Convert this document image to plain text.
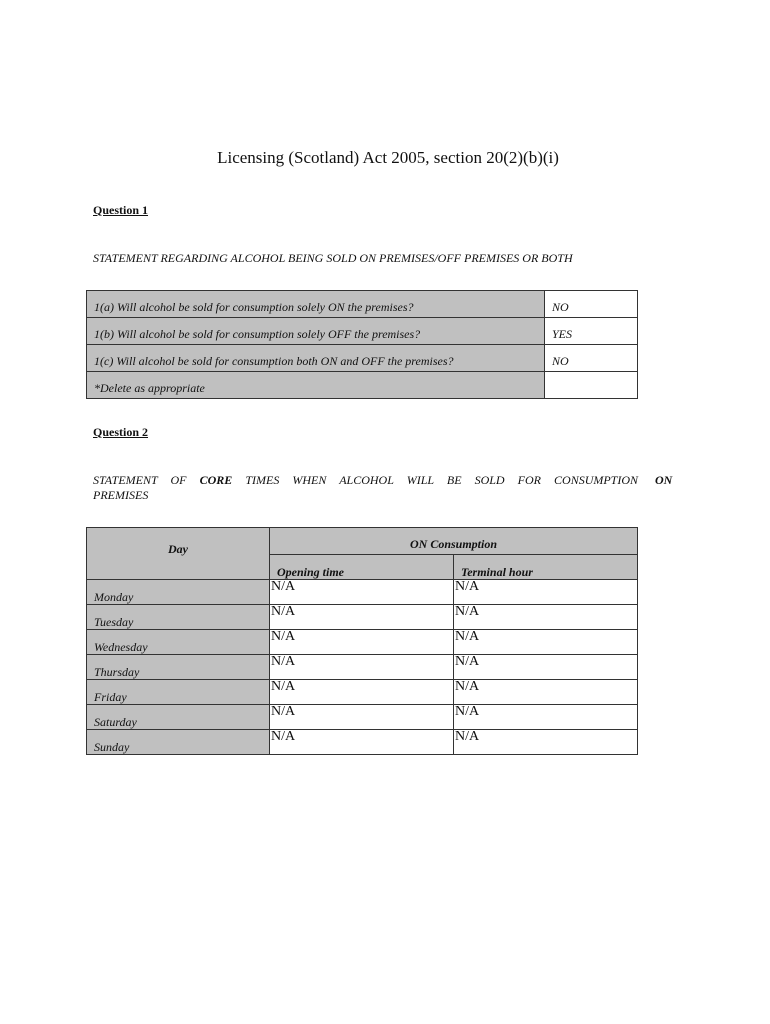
Licensing (Scotland) Act 2005, section 20(2)(b)(i)
Question 1
STATEMENT REGARDING ALCOHOL BEING SOLD ON PREMISES/OFF PREMISES OR BOTH
1(a) Will alcohol be sold for consumption solely ON the premises?	NO
1(b) Will alcohol be sold for consumption solely OFF the premises?	YES
1(c) Will alcohol be sold for consumption both ON and OFF the premises?	NO
*Delete as appropriate	
Question 2
STATEMENT OF CORE TIMES WHEN ALCOHOL WILL BE SOLD FOR CONSUMPTION ON
PREMISES
Day	ON Consumption	
	Opening time	Terminal hour
Monday	N/A	N/A
Tuesday	N/A	N/A
Wednesday	N/A	N/A
Thursday	N/A	N/A
Friday	N/A	N/A
Saturday	N/A	N/A
Sunday	N/A	N/A
